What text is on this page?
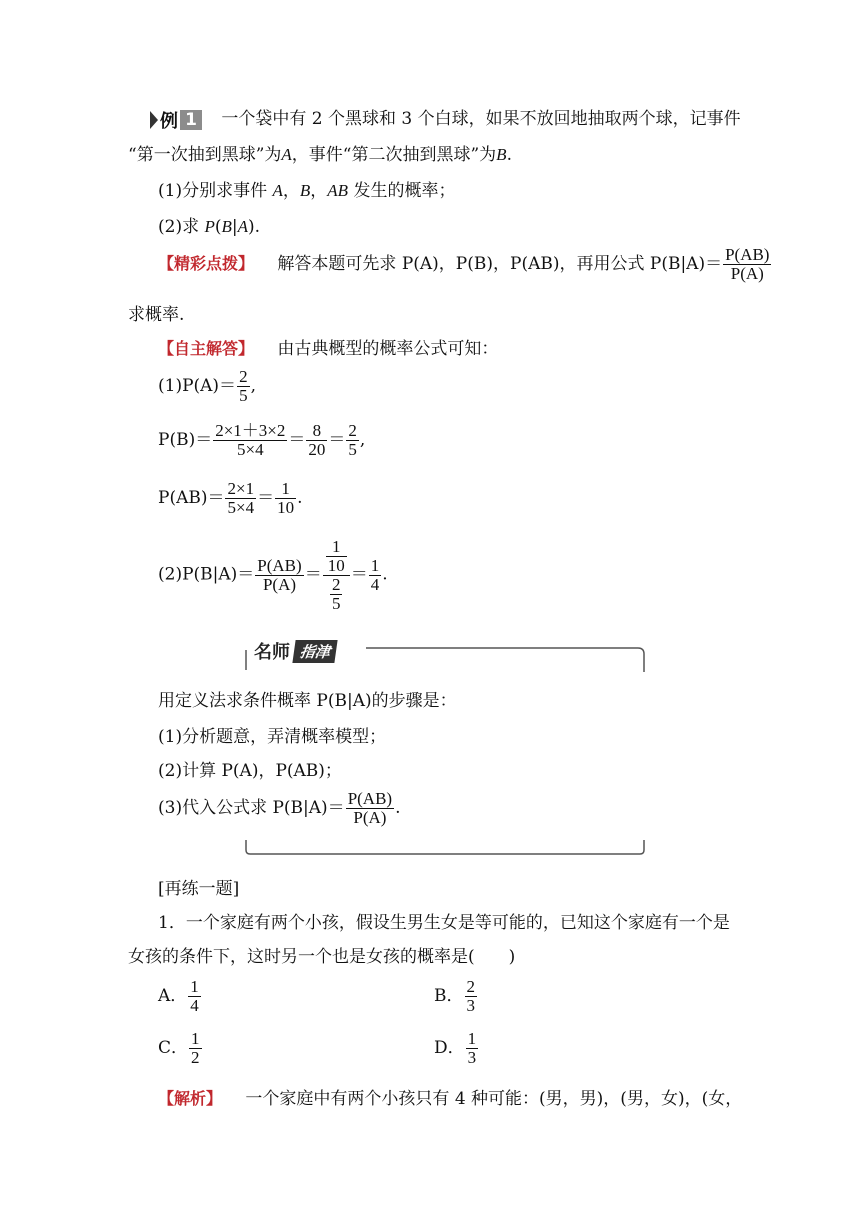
例 1 一个袋中有 2 个黑球和 3 个白球，如果不放回地抽取两个球，记事件
“第一次抽到黑球”为A，事件“第二次抽到黑球”为B.
(1)分别求事件 A，B，AB 发生的概率；
(2)求 P(B|A).
【精彩点拨】 解答本题可先求 P(A)，P(B)，P(AB)，再用公式 $P(B|A)= \frac{P(AB)}{P(A)}$
求概率.
【自主解答】 由古典概型的概率公式可知：
$(1)P(A)= \frac{2}{5}$ ,
$P(B)= \frac{2\times 1+3\times 2}{5\times 4} = \frac{8}{20} = \frac{2}{5}$ ,
$P(AB)= \frac{2\times 1}{5\times 4} = \frac{1}{10}$ .
$(2)P(B|A)= \frac{P(AB)}{P(A)} = \frac{\frac{1}{10}}{\frac{2}{5}} = \frac{1}{4}$ .
名师 指津
用定义法求条件概率 P(B|A)的步骤是：
(1)分析题意，弄清概率模型；
(2)计算 P(A)，P(AB)；
(3)代入公式求 $P(B|A)= \frac{P(AB)}{P(A)}$ .
[再练一题]
1．一个家庭有两个小孩，假设生男生女是等可能的，已知这个家庭有一个是
女孩的条件下，这时另一个也是女孩的概率是(　　)
A． $\frac{1}{4}$	B． $\frac{2}{3}$
C． $\frac{1}{2}$	D． $\frac{1}{3}$
【解析】 一个家庭中有两个小孩只有 4 种可能：(男，男)，(男，女)，(女，
